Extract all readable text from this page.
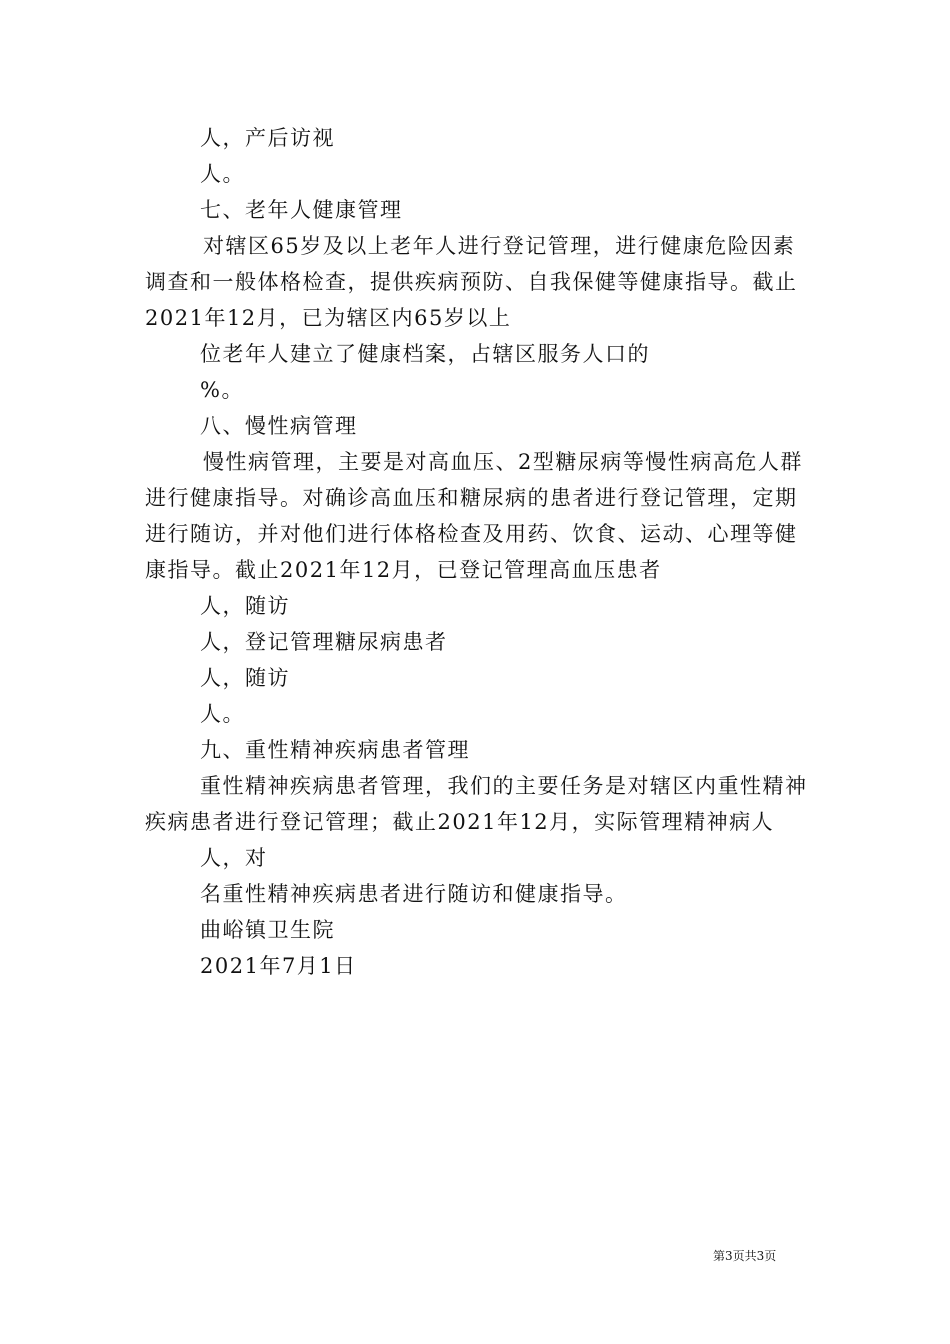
人，产后访视
人。
七、老年人健康管理
对辖区65岁及以上老年人进行登记管理，进行健康危险因素
调查和一般体格检查，提供疾病预防、自我保健等健康指导。截止
2021年12月，已为辖区内65岁以上
位老年人建立了健康档案，占辖区服务人口的
%。
八、慢性病管理
慢性病管理，主要是对高血压、2型糖尿病等慢性病高危人群
进行健康指导。对确诊高血压和糖尿病的患者进行登记管理，定期
进行随访，并对他们进行体格检查及用药、饮食、运动、心理等健
康指导。截止2021年12月，已登记管理高血压患者
人，随访
人，登记管理糖尿病患者
人，随访
人。
九、重性精神疾病患者管理
重性精神疾病患者管理，我们的主要任务是对辖区内重性精神
疾病患者进行登记管理；截止2021年12月，实际管理精神病人
人，对
名重性精神疾病患者进行随访和健康指导。
曲峪镇卫生院
2021年7月1日
第3页共3页
